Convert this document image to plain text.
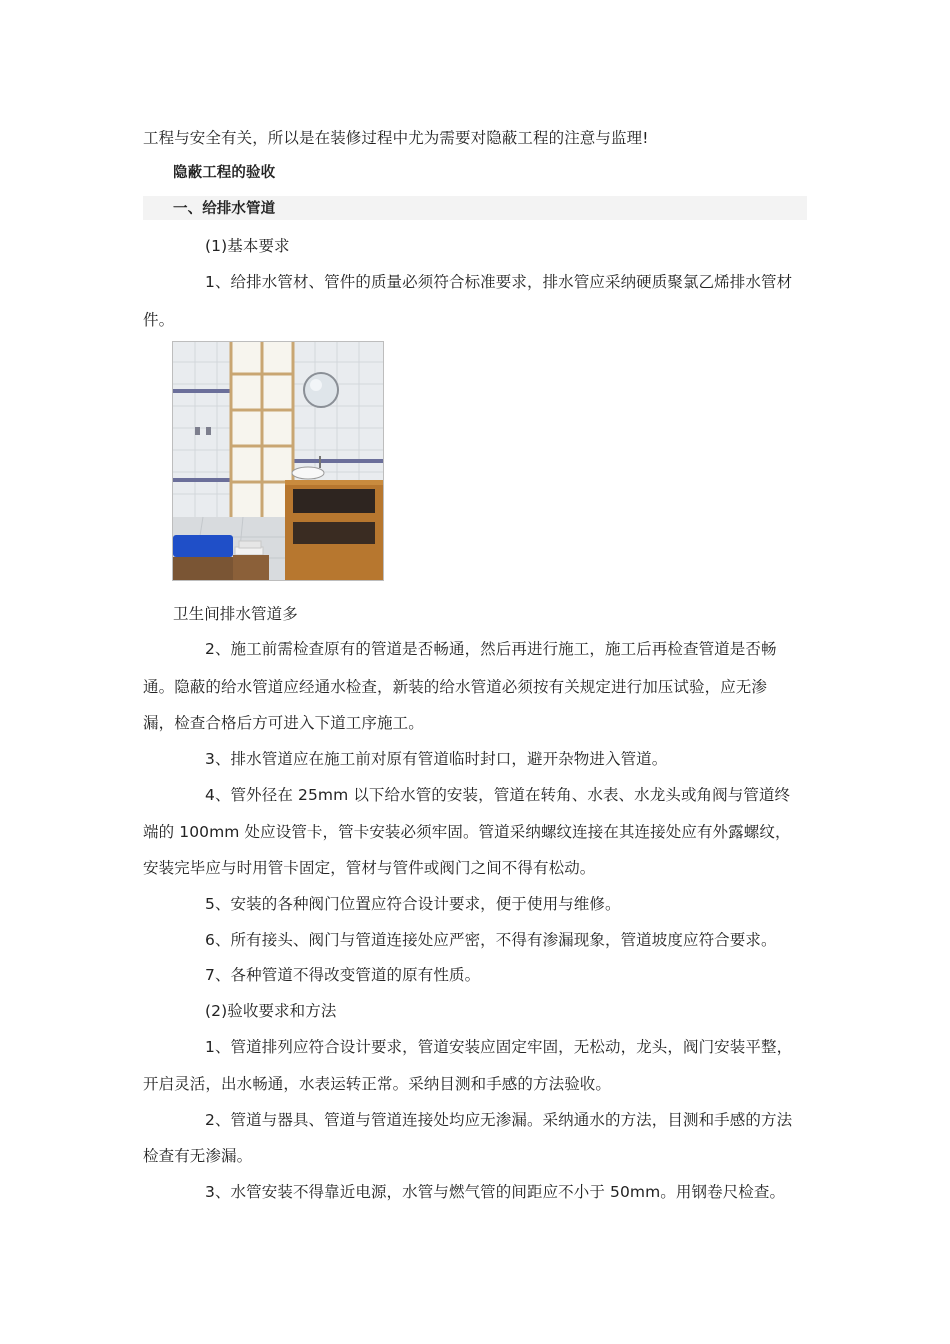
工程与安全有关，所以是在装修过程中尤为需要对隐蔽工程的注意与监理!
隐蔽工程的验收
一、给排水管道
(1)基本要求
1、给排水管材、管件的质量必须符合标准要求，排水管应采纳硬质聚氯乙烯排水管材
件。
卫生间排水管道多
2、施工前需检查原有的管道是否畅通，然后再进行施工，施工后再检查管道是否畅
通。隐蔽的给水管道应经通水检查，新装的给水管道必须按有关规定进行加压试验，应无渗
漏，检查合格后方可进入下道工序施工。
3、排水管道应在施工前对原有管道临时封口，避开杂物进入管道。
4、管外径在 25mm 以下给水管的安装，管道在转角、水表、水龙头或角阀与管道终
端的 100mm 处应设管卡，管卡安装必须牢固。管道采纳螺纹连接在其连接处应有外露螺纹，
安装完毕应与时用管卡固定，管材与管件或阀门之间不得有松动。
5、安装的各种阀门位置应符合设计要求，便于使用与维修。
6、所有接头、阀门与管道连接处应严密，不得有渗漏现象，管道坡度应符合要求。
7、各种管道不得改变管道的原有性质。
(2)验收要求和方法
1、管道排列应符合设计要求，管道安装应固定牢固，无松动，龙头，阀门安装平整，
开启灵活，出水畅通，水表运转正常。采纳目测和手感的方法验收。
2、管道与器具、管道与管道连接处均应无渗漏。采纳通水的方法，目测和手感的方法
检查有无渗漏。
3、水管安装不得靠近电源，水管与燃气管的间距应不小于 50mm。用钢卷尺检查。
